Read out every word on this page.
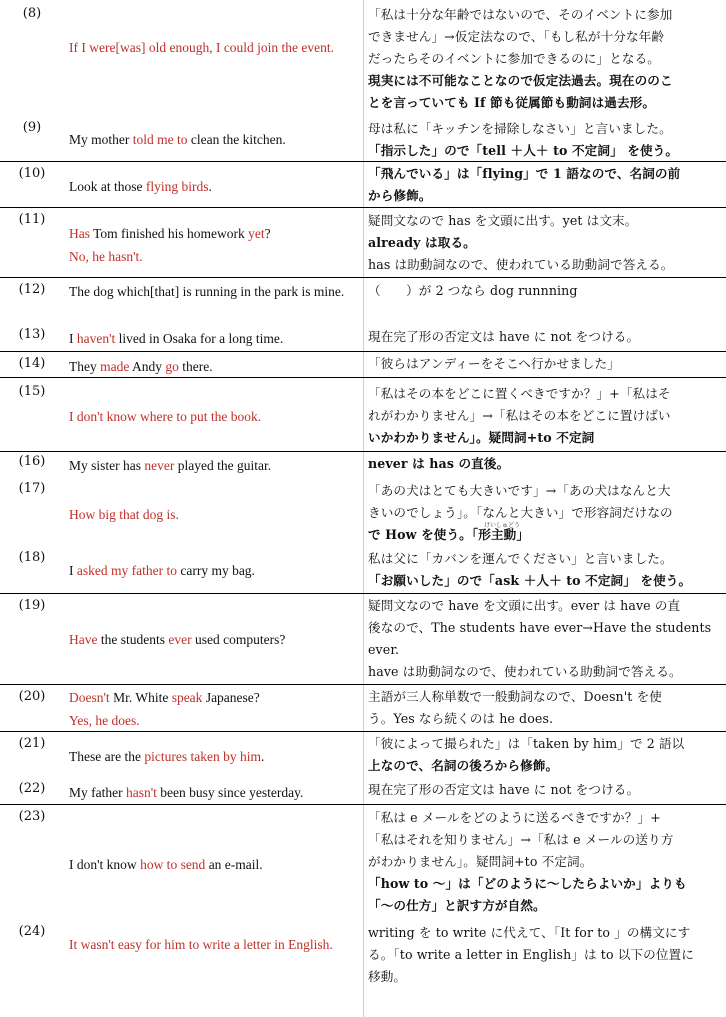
(8)
If I were[was] old enough, I could join the event.
「私は十分な年齢ではないので、そのイベントに参加
できません」→仮定法なので、「もし私が十分な年齢
だったらそのイベントに参加できるのに」となる。
現実には不可能なことなので仮定法過去。現在ののこ
とを言っていても If 節も従属節も動詞は過去形。
(9)
My mother told me to clean the kitchen.
母は私に「キッチンを掃除しなさい」と言いました。
「指示した」ので「tell ＋人＋ to 不定詞」 を使う。
(10)
Look at those flying birds.
「飛んでいる」は「flying」で 1 語なので、名詞の前
から修飾。
(11)
Has Tom finished his homework yet?
No, he hasn't.
疑問文なので has を文頭に出す。yet は文末。
already は取る。
has は助動詞なので、使われている助動詞で答える。
(12)	The dog which[that] is running in the park is mine.	（　　）が 2 つなら dog runnning
(13)	I haven't lived in Osaka for a long time.	現在完了形の否定文は have に not をつける。
(14)	They made Andy go there.	「彼らはアンディーをそこへ行かせました」
(15)
I don't know where to put the book.
「私はその本をどこに置くべきですか？」+「私はそ
れがわかりません」→「私はその本をどこに置けばい
いかわかりません」。疑問詞+to 不定詞
(16)	My sister has never played the guitar.	never は has の直後。
(17)
How big that dog is.
「あの犬はとても大きいです」→「あの犬はなんと大
きいのでしょう」。「なんと大きい」で形容詞だけなの
で How を使う。「形主動」
けいしゅどう
(18)
I asked my father to carry my bag.
私は父に「カバンを運んでください」と言いました。
「お願いした」ので「ask ＋人＋ to 不定詞」 を使う。
(19)
Have the students ever used computers?
疑問文なので have を文頭に出す。ever は have の直
後なので、The students have ever→Have the students
ever.
have は助動詞なので、使われている助動詞で答える。
(20)	Doesn't Mr. White speak Japanese?
Yes, he does.
主語が三人称単数で一般動詞なので、Doesn't を使
う。Yes なら続くのは he does.
(21)
These are the pictures taken by him.
「彼によって撮られた」は「taken by him」で 2 語以
上なので、名詞の後ろから修飾。
(22)	My father hasn't been busy since yesterday.	現在完了形の否定文は have に not をつける。
(23)
I don't know how to send an e-mail.
「私は e メールをどのように送るべきですか？」+
「私はそれを知りません」→「私は e メールの送り方
がわかりません」。疑問詞+to 不定詞。
「how to ～」は「どのように～したらよいか」よりも
「～の仕方」と訳す方が自然。
(24)
It wasn't easy for him to write a letter in English.
writing を to write に代えて、「It for to 」の構文にす
る。「to write a letter in English」は to 以下の位置に
移動。
